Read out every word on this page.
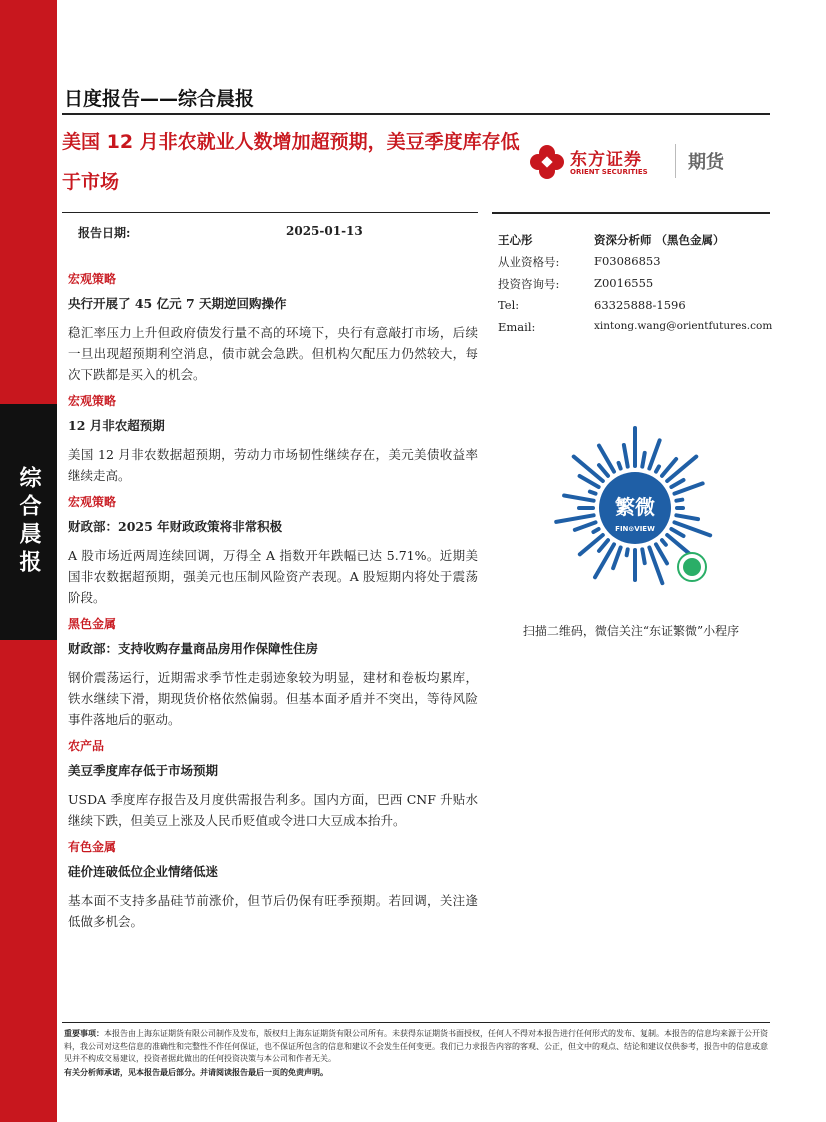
综合晨报
日度报告——综合晨报
美国 12 月非农就业人数增加超预期，美豆季度库存低于市场
东方证券
ORIENT SECURITIES 期货
报告日期:	2025-01-13
王心彤	资深分析师 （黑色金属）
从业资格号:	F03086853
投资咨询号:	Z0016555
Tel:	63325888-1596
Email:	xintong.wang@orientfutures.com
宏观策略
央行开展了 45 亿元 7 天期逆回购操作
稳汇率压力上升但政府债发行量不高的环境下，央行有意敲打市场，后续一旦出现超预期利空消息，债市就会急跌。但机构欠配压力仍然较大，每次下跌都是买入的机会。
宏观策略
12 月非农超预期
美国 12 月非农数据超预期，劳动力市场韧性继续存在，美元美债收益率继续走高。
宏观策略
财政部：2025 年财政政策将非常积极
A 股市场近两周连续回调，万得全 A 指数开年跌幅已达 5.71%。近期美国非农数据超预期，强美元也压制风险资产表现。A 股短期内将处于震荡阶段。
黑色金属
财政部：支持收购存量商品房用作保障性住房
钢价震荡运行，近期需求季节性走弱迹象较为明显，建材和卷板均累库，铁水继续下滑，期现货价格依然偏弱。但基本面矛盾并不突出，等待风险事件落地后的驱动。
农产品
美豆季度库存低于市场预期
USDA 季度库存报告及月度供需报告利多。国内方面，巴西 CNF 升贴水继续下跌，但美豆上涨及人民币贬值或令进口大豆成本抬升。
有色金属
硅价连破低位企业情绪低迷
基本面不支持多晶硅节前涨价，但节后仍保有旺季预期。若回调，关注逢低做多机会。
繁微
FIN⊙VIEW
扫描二维码，微信关注“东证繁微”小程序
重要事项：本报告由上海东证期货有限公司制作及发布，版权归上海东证期货有限公司所有。未获得东证期货书面授权，任何人不得对本报告进行任何形式的发布、复制。本报告的信息均来源于公开资料，我公司对这些信息的准确性和完整性不作任何保证，也不保证所包含的信息和建议不会发生任何变更。我们已力求报告内容的客观、公正，但文中的观点、结论和建议仅供参考，报告中的信息或意见并不构成交易建议，投资者据此做出的任何投资决策与本公司和作者无关。
有关分析师承诺，见本报告最后部分。并请阅读报告最后一页的免责声明。
